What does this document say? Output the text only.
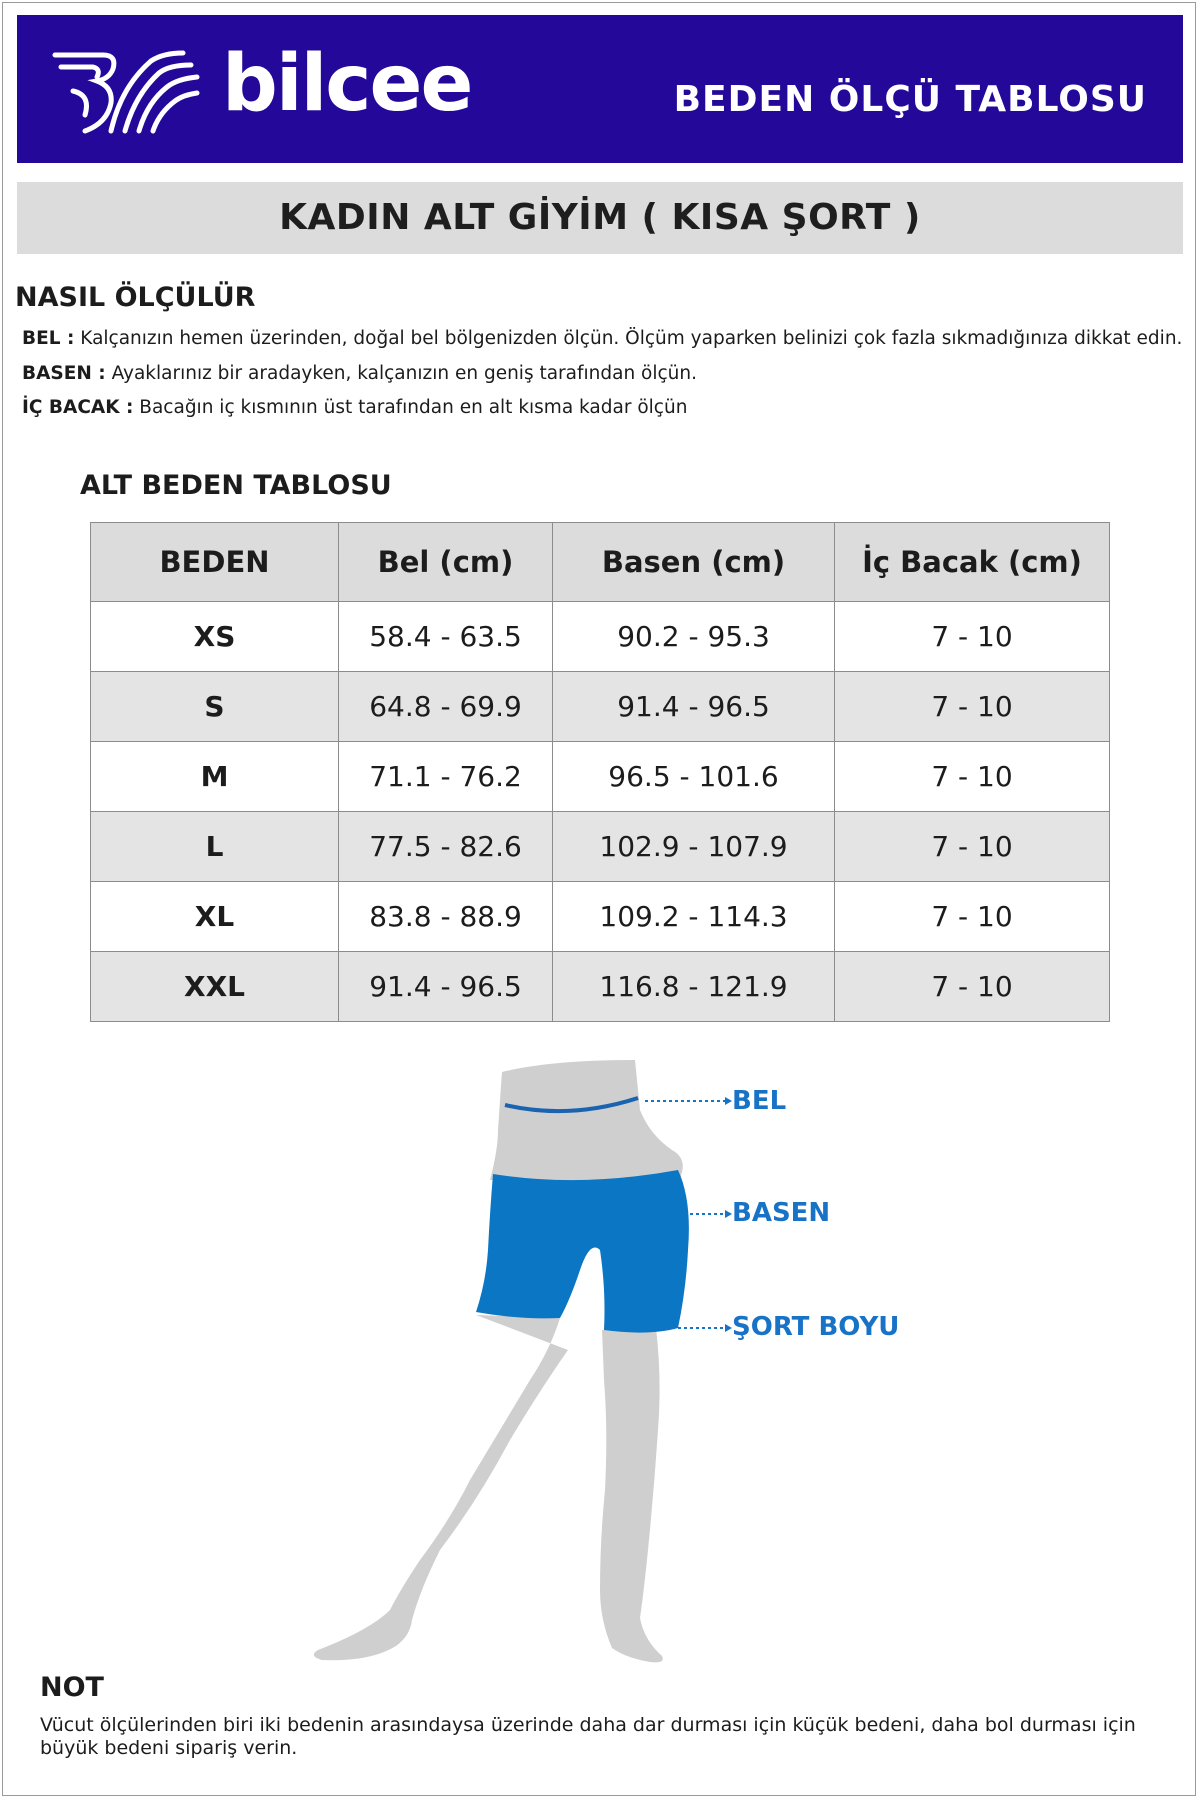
bilcee	BEDEN ÖLÇÜ TABLOSU
KADIN ALT GİYİM ( KISA ŞORT )
NASIL ÖLÇÜLÜR
BEL : Kalçanızın hemen üzerinden, doğal bel bölgenizden ölçün. Ölçüm yaparken belinizi çok fazla sıkmadığınıza dikkat edin.
BASEN : Ayaklarınız bir aradayken, kalçanızın en geniş tarafından ölçün.
İÇ BACAK : Bacağın iç kısmının üst tarafından en alt kısma kadar ölçün
ALT BEDEN TABLOSU
BEDEN	Bel (cm)	Basen (cm)	İç Bacak (cm)
XS	58.4 - 63.5	90.2 - 95.3	7 - 10
S	64.8 - 69.9	91.4 - 96.5	7 - 10
M	71.1 - 76.2	96.5 - 101.6	7 - 10
L	77.5 - 82.6	102.9 - 107.9	7 - 10
XL	83.8 - 88.9	109.2 - 114.3	7 - 10
XXL	91.4 - 96.5	116.8 - 121.9	7 - 10
BEL
BASEN
ŞORT BOYU
NOT
Vücut ölçülerinden biri iki bedenin arasındaysa üzerinde daha dar durması için küçük bedeni, daha bol durması için büyük bedeni sipariş verin.
